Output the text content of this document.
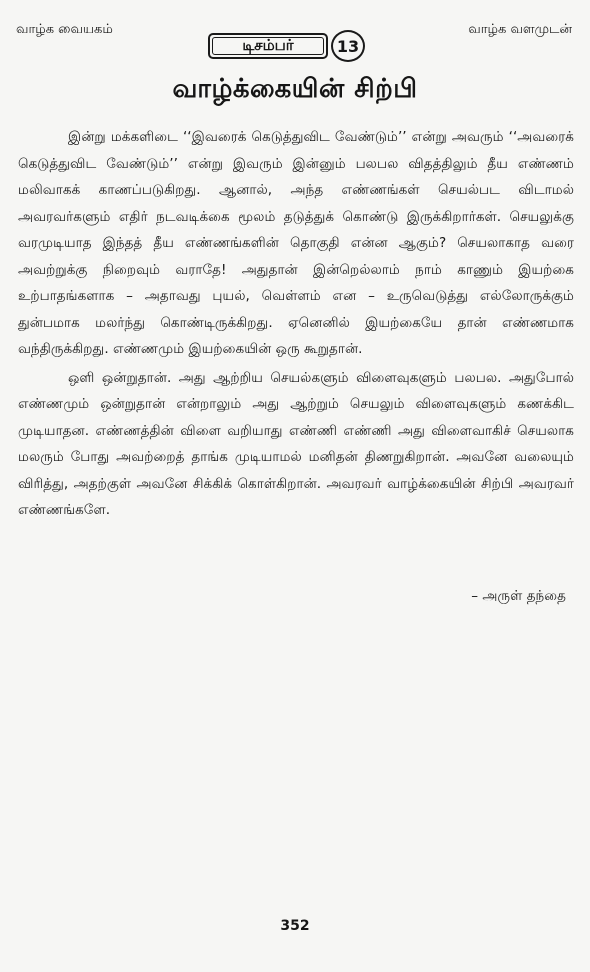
⠀
வாழ்க வையகம்	வாழ்க வளமுடன்
டிசம்பர்	13
வாழ்க்கையின் சிற்பி

இன்று மக்களிடை ‘‘இவரைக் கெடுத்துவிட வேண்டும்’’ என்று அவரும் ‘‘அவரைக் கெடுத்துவிட வேண்டும்’’ என்று இவரும் இன்னும் பலபல விதத்திலும் தீய எண்ணம் மலிவாகக் காணப்படுகிறது. ஆனால், அந்த எண்ணங்கள் செயல்பட விடாமல் அவரவர்களும் எதிர் நடவடிக்கை மூலம் தடுத்துக் கொண்டு இருக்கிறார்கள். செயலுக்கு வரமுடியாத இந்தத் தீய எண்ணங்களின் தொகுதி என்ன ஆகும்? செயலாகாத வரை அவற்றுக்கு நிறைவும் வராதே! அதுதான் இன்றெல்லாம் நாம் காணும் இயற்கை உற்பாதங்களாக – அதாவது புயல், வெள்ளம் என – உருவெடுத்து எல்லோருக்கும் துன்பமாக மலர்ந்து கொண்டிருக்கிறது. ஏனெனில் இயற்கையே தான் எண்ணமாக வந்திருக்கிறது. எண்ணமும் இயற்கையின் ஒரு கூறுதான்.

ஒளி ஒன்றுதான். அது ஆற்றிய செயல்களும் விளைவுகளும் பலபல. அதுபோல் எண்ணமும் ஒன்றுதான் என்றாலும் அது ஆற்றும் செயலும் விளைவுகளும் கணக்கிட முடியாதன. எண்ணத்தின் விளை வறியாது எண்ணி எண்ணி அது விளைவாகிச் செயலாக மலரும் போது அவற்றைத் தாங்க முடியாமல் மனிதன் திணறுகிறான். அவனே வலையும் விரித்து, அதற்குள் அவனே சிக்கிக் கொள்கிறான். அவரவர் வாழ்க்கையின் சிற்பி அவரவர் எண்ணங்களே.

– அருள் தந்தை
352
